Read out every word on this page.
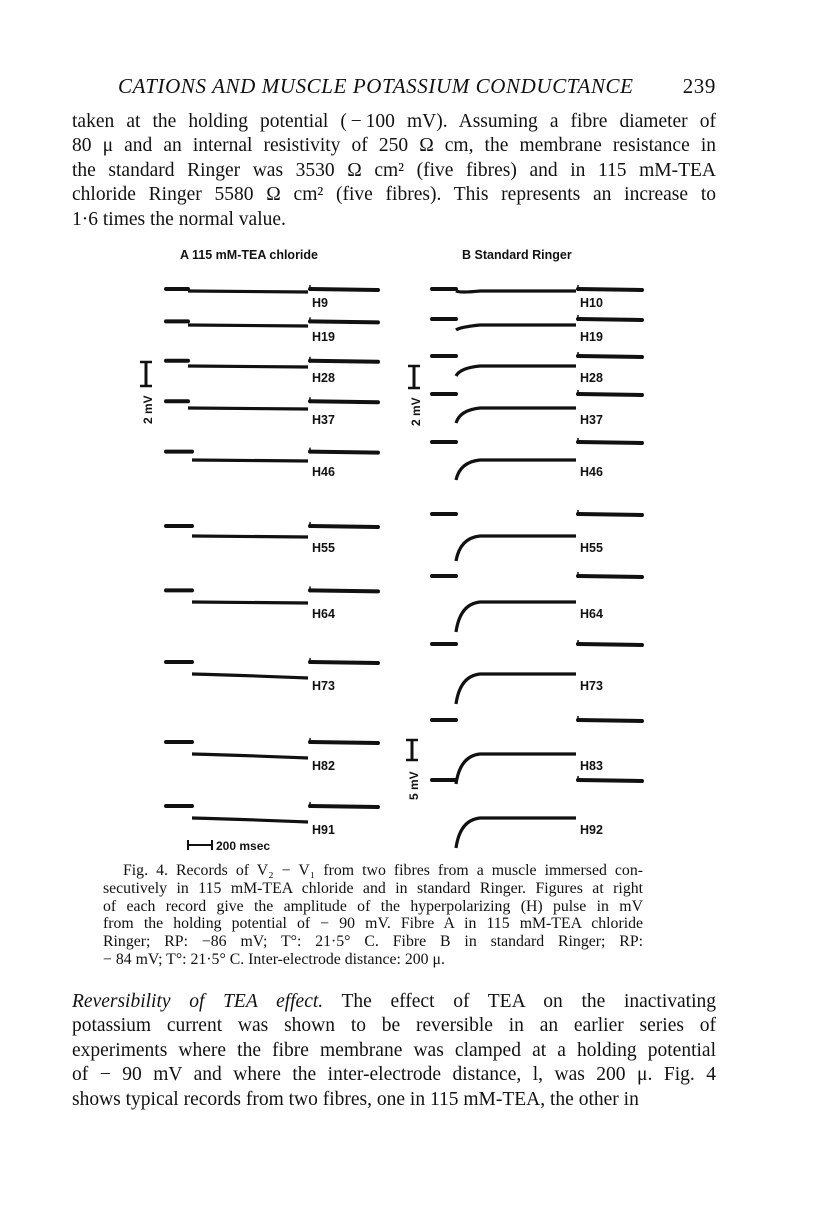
CATIONS AND MUSCLE POTASSIUM CONDUCTANCE 239

taken at the holding potential ( − 100 mV). Assuming a fibre diameter of
80 μ and an internal resistivity of 250 Ω cm, the membrane resistance in
the standard Ringer was 3530 Ω cm² (five fibres) and in 115 mM-TEA
chloride Ringer 5580 Ω cm² (five fibres). This represents an increase to
1·6 times the normal value.

A 115 mM-TEA chloride	B Standard Ringer
2 mV	2 mV
5 mV
200 msec
H9
H19
H28
H37
H46
H55
H64
H73
H82
H91
H10
H19
H28
H37
H46
H55
H64
H73
H83
H92

Fig. 4. Records of V₂ − V₁ from two fibres from a muscle immersed con-
secutively in 115 mM-TEA chloride and in standard Ringer. Figures at right
of each record give the amplitude of the hyperpolarizing (H) pulse in mV
from the holding potential of − 90 mV. Fibre A in 115 mM-TEA chloride
Ringer; RP: −86 mV; T°: 21·5° C. Fibre B in standard Ringer; RP:
− 84 mV; T°: 21·5° C. Inter-electrode distance: 200 μ.

Reversibility of TEA effect. The effect of TEA on the inactivating
potassium current was shown to be reversible in an earlier series of
experiments where the fibre membrane was clamped at a holding potential
of − 90 mV and where the inter-electrode distance, l, was 200 μ. Fig. 4
shows typical records from two fibres, one in 115 mM-TEA, the other in
